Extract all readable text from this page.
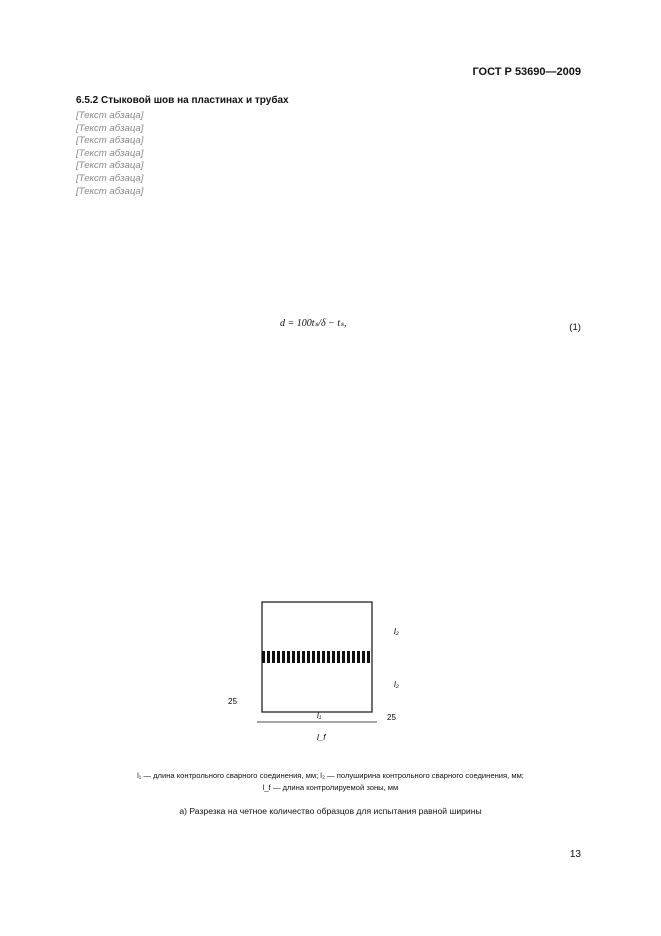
ГОСТ Р 53690—2009
6.5.2 Стыковой шов на пластинах и трубах

[Текст абзаца]

[Текст абзаца]

[Текст абзаца]

[Текст абзаца]

[Текст абзаца]

[Текст абзаца]

[Текст абзаца]

d = 100tₛ/δ − tₛ,	(1)
l₁
l_f
25
25
l₂
l₂
l₁ — длина контрольного сварного соединения, мм; l₂ — полуширина контрольного сварного соединения, мм;
l_f — длина контролируемой зоны, мм
а) Разрезка на четное количество образцов для испытания равной ширины
13
